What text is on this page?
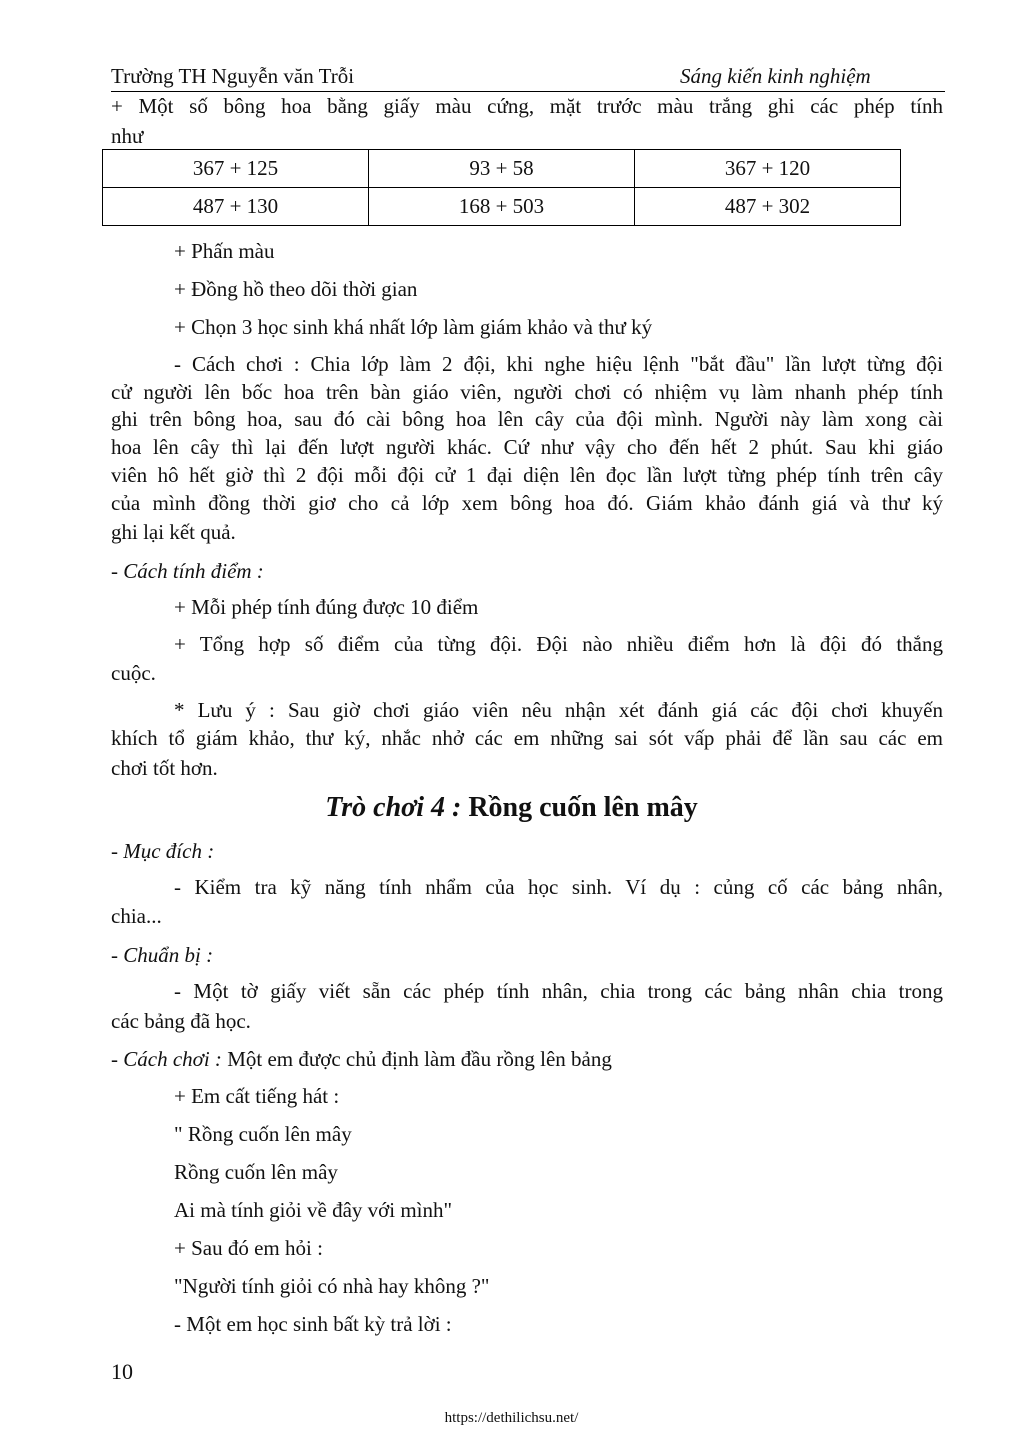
Trường TH Nguyễn văn Trỗi	Sáng kiến kinh nghiệm
+ Một số bông hoa bằng giấy màu cứng, mặt trước màu trắng ghi các phép tính
như
367 + 125	93 + 58	367 + 120
487 + 130	168 + 503	487 + 302
+ Phấn màu
+ Đồng hồ theo dõi thời gian
+ Chọn 3 học sinh khá nhất lớp làm giám khảo và thư ký
- Cách chơi : Chia lớp làm 2 đội, khi nghe hiệu lệnh "bắt đầu" lần lượt từng đội
cử người lên bốc hoa trên bàn giáo viên, người chơi có nhiệm vụ làm nhanh phép tính
ghi trên bông hoa, sau đó cài bông hoa lên cây của đội mình. Người này làm xong cài
hoa lên cây thì lại đến lượt người khác. Cứ như vậy cho đến hết 2 phút. Sau khi giáo
viên hô hết giờ thì 2 đội mỗi đội cử 1 đại diện lên đọc lần lượt từng phép tính trên cây
của mình đồng thời giơ cho cả lớp xem bông hoa đó. Giám khảo đánh giá và thư ký
ghi lại kết quả.
- Cách tính điểm :
+ Mỗi phép tính đúng được 10 điểm
+ Tổng hợp số điểm của từng đội. Đội nào nhiều điểm hơn là đội đó thắng
cuộc.
* Lưu ý : Sau giờ chơi giáo viên nêu nhận xét đánh giá các đội chơi khuyến
khích tổ giám khảo, thư ký, nhắc nhở các em những sai sót vấp phải để lần sau các em
chơi tốt hơn.
Trò chơi 4 : Rồng cuốn lên mây
- Mục đích :
- Kiểm tra kỹ năng tính nhẩm của học sinh. Ví dụ : củng cố các bảng nhân,
chia...
- Chuẩn bị :
- Một tờ giấy viết sẵn các phép tính nhân, chia trong các bảng nhân chia trong
các bảng đã học.
- Cách chơi : Một em được chủ định làm đầu rồng lên bảng
+ Em cất tiếng hát :
" Rồng cuốn lên mây
Rồng cuốn lên mây
Ai mà tính giỏi về đây với mình"
+ Sau đó em hỏi :
"Người tính giỏi có nhà hay không ?"
- Một em học sinh bất kỳ trả lời :
10
https://dethilichsu.net/
